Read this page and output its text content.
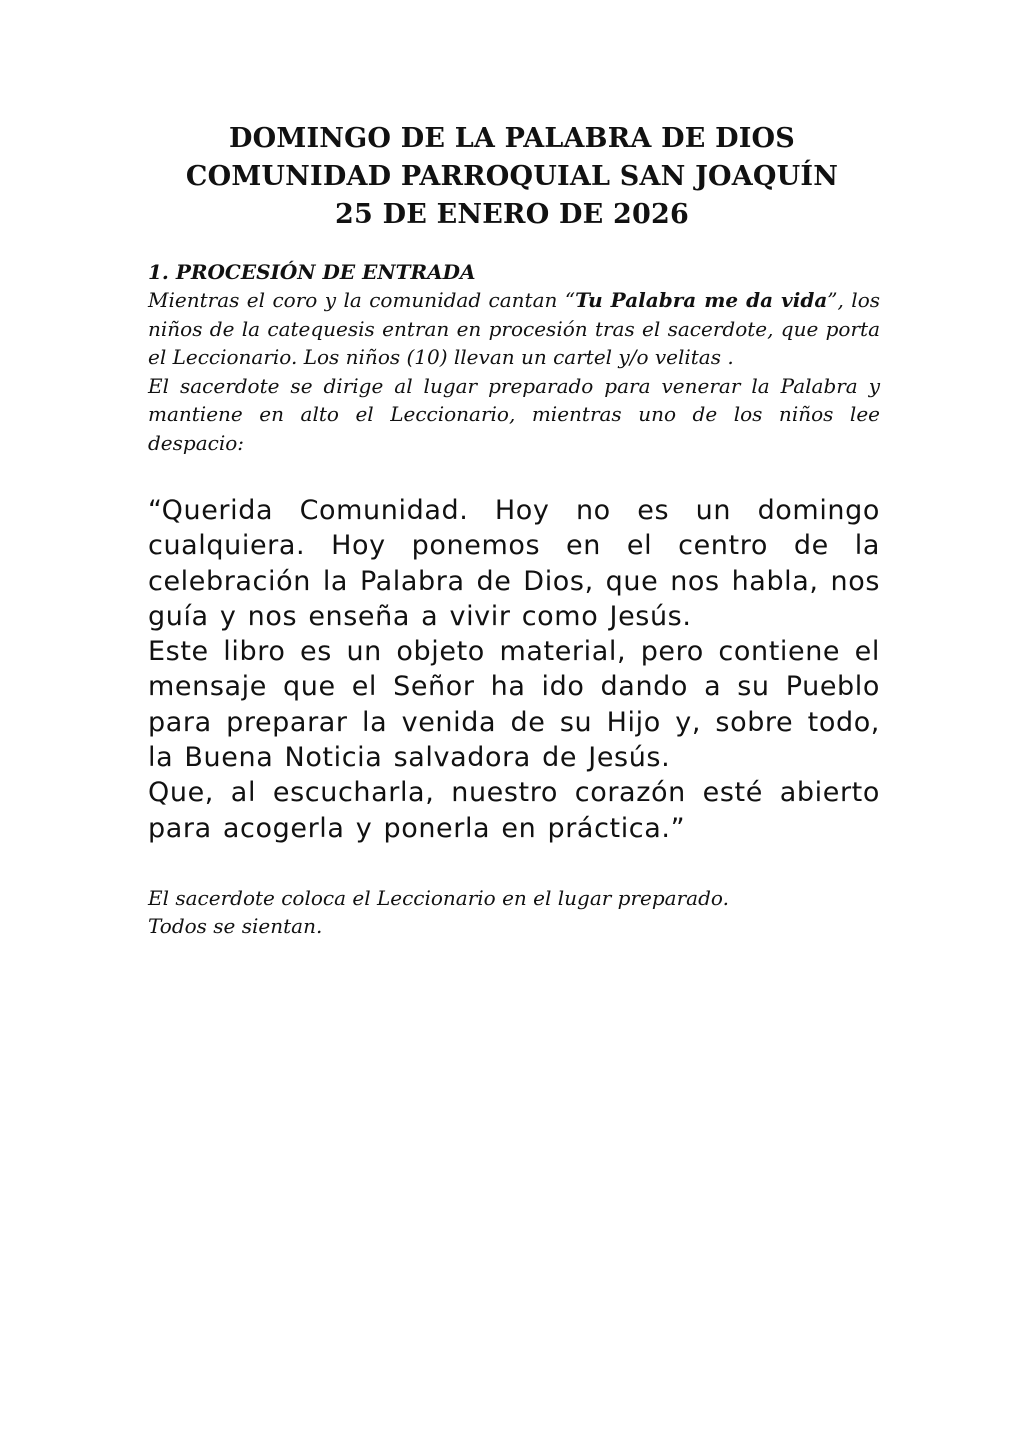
DOMINGO DE LA PALABRA DE DIOS
COMUNIDAD PARROQUIAL SAN JOAQUÍN
25 DE ENERO DE 2026

1. PROCESIÓN DE ENTRADA

Mientras el coro y la comunidad cantan “Tu Palabra me da vida”, los niños de la catequesis entran en procesión tras el sacerdote, que porta el Leccionario. Los niños (10) llevan un cartel y/o velitas .

El sacerdote se dirige al lugar preparado para venerar la Palabra y mantiene en alto el Leccionario, mientras uno de los niños lee despacio:

“Querida Comunidad. Hoy no es un domingo cualquiera. Hoy ponemos en el centro de la celebración la Palabra de Dios, que nos habla, nos guía y nos enseña a vivir como Jesús.

Este libro es un objeto material, pero contiene el mensaje que el Señor ha ido dando a su Pueblo para preparar la venida de su Hijo y, sobre todo, la Buena Noticia salvadora de Jesús.

Que, al escucharla, nuestro corazón esté abierto para acogerla y ponerla en práctica.”

El sacerdote coloca el Leccionario en el lugar preparado.

Todos se sientan.
